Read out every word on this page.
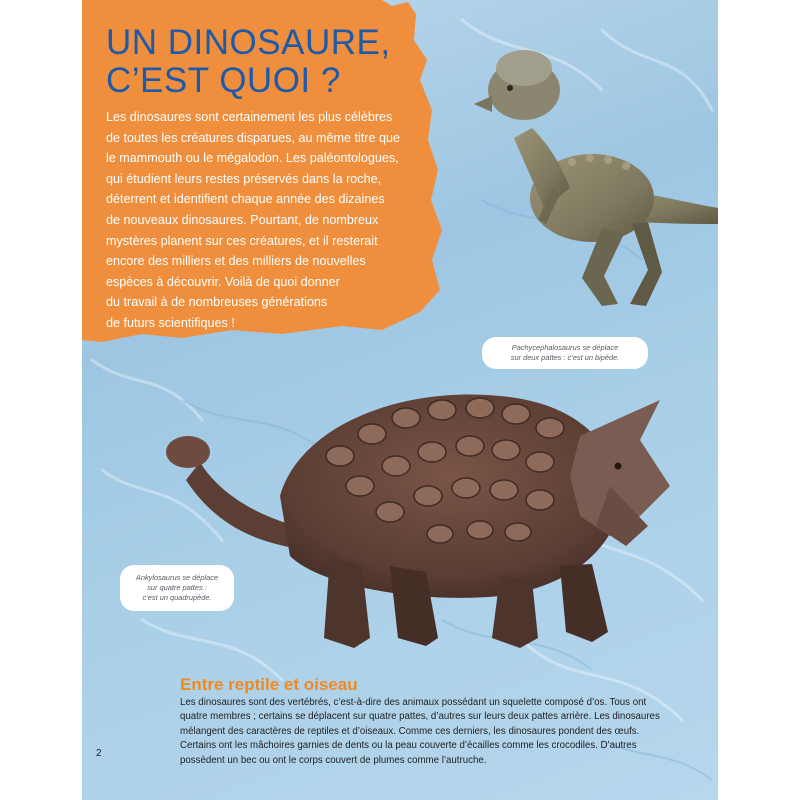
UN DINOSAURE,
C’EST QUOI ?
Les dinosaures sont certainement les plus célèbres
de toutes les créatures disparues, au même titre que
le mammouth ou le mégalodon. Les paléontologues,
qui étudient leurs restes préservés dans la roche,
déterrent et identifient chaque année des dizaines
de nouveaux dinosaures. Pourtant, de nombreux
mystères planent sur ces créatures, et il resterait
encore des milliers et des milliers de nouvelles
espèces à découvrir. Voilà de quoi donner
du travail à de nombreuses générations
de futurs scientifiques !
Pachycephalosaurus se déplace
sur deux pattes : c’est un bipède.
Ankylosaurus se déplace
sur quatre pattes :
c’est un quadrupède.
Entre reptile et oiseau
Les dinosaures sont des vertébrés, c’est-à-dire des animaux possédant un squelette composé d’os. Tous ont
quatre membres ; certains se déplacent sur quatre pattes, d’autres sur leurs deux pattes arrière. Les dinosaures
mélangent des caractères de reptiles et d’oiseaux. Comme ces derniers, les dinosaures pondent des œufs.
Certains ont les mâchoires garnies de dents ou la peau couverte d’écailles comme les crocodiles. D’autres
possèdent un bec ou ont le corps couvert de plumes comme l’autruche.
2
